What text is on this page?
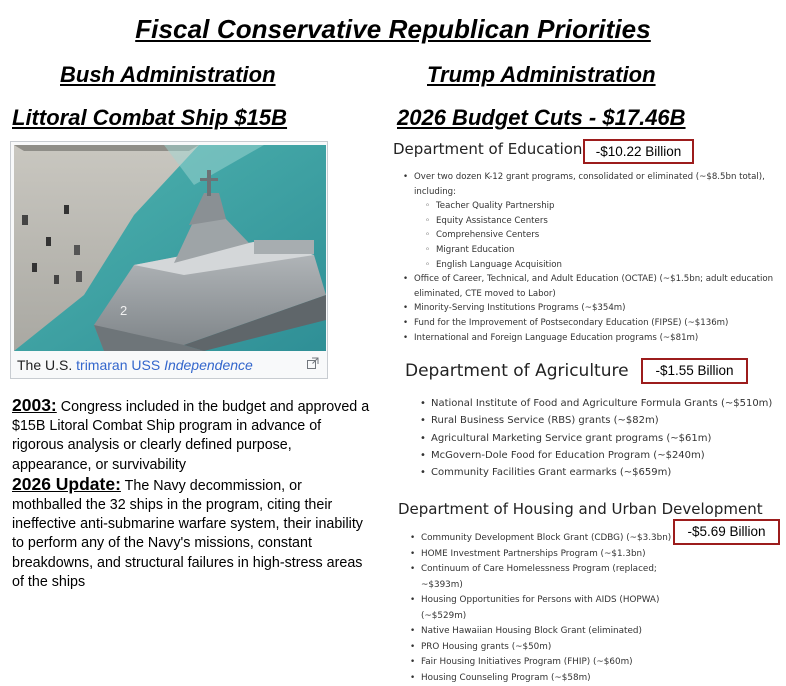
Fiscal Conservative Republican Priorities
Bush Administration	Trump Administration
Littoral Combat Ship $15B	2026 Budget Cuts - $17.46B
2
The U.S. trimaran USS Independence

2003: Congress included in the budget and approved a $15B Litoral Combat Ship program in advance of rigorous analysis or clearly defined purpose, appearance, or survivability

2026 Update: The Navy decommission, or mothballed the 32 ships in the program, citing their ineffective anti-submarine warfare system, their inability to perform any of the Navy's missions, constant breakdowns, and structural failures in high-stress areas of the ships

Department of Education -$10.22 Billion
• Over two dozen K-12 grant programs, consolidated or eliminated (~$8.5bn total), including:
◦ Teacher Quality Partnership
◦ Equity Assistance Centers
◦ Comprehensive Centers
◦ Migrant Education
◦ English Language Acquisition
• Office of Career, Technical, and Adult Education (OCTAE) (~$1.5bn; adult education eliminated, CTE moved to Labor)
• Minority-Serving Institutions Programs (~$354m)
• Fund for the Improvement of Postsecondary Education (FIPSE) (~$136m)
• International and Foreign Language Education programs (~$81m)
Department of Agriculture	-$1.55 Billion
• National Institute of Food and Agriculture Formula Grants (~$510m)
• Rural Business Service (RBS) grants (~$82m)
• Agricultural Marketing Service grant programs (~$61m)
• McGovern-Dole Food for Education Program (~$240m)
• Community Facilities Grant earmarks (~$659m)
Department of Housing and Urban Development
-$5.69 Billion
• Community Development Block Grant (CDBG) (~$3.3bn)
• HOME Investment Partnerships Program (~$1.3bn)
• Continuum of Care Homelessness Program (replaced; ~$393m)
• Housing Opportunities for Persons with AIDS (HOPWA) (~$529m)
• Native Hawaiian Housing Block Grant (eliminated)
• PRO Housing grants (~$50m)
• Fair Housing Initiatives Program (FHIP) (~$60m)
• Housing Counseling Program (~$58m)
